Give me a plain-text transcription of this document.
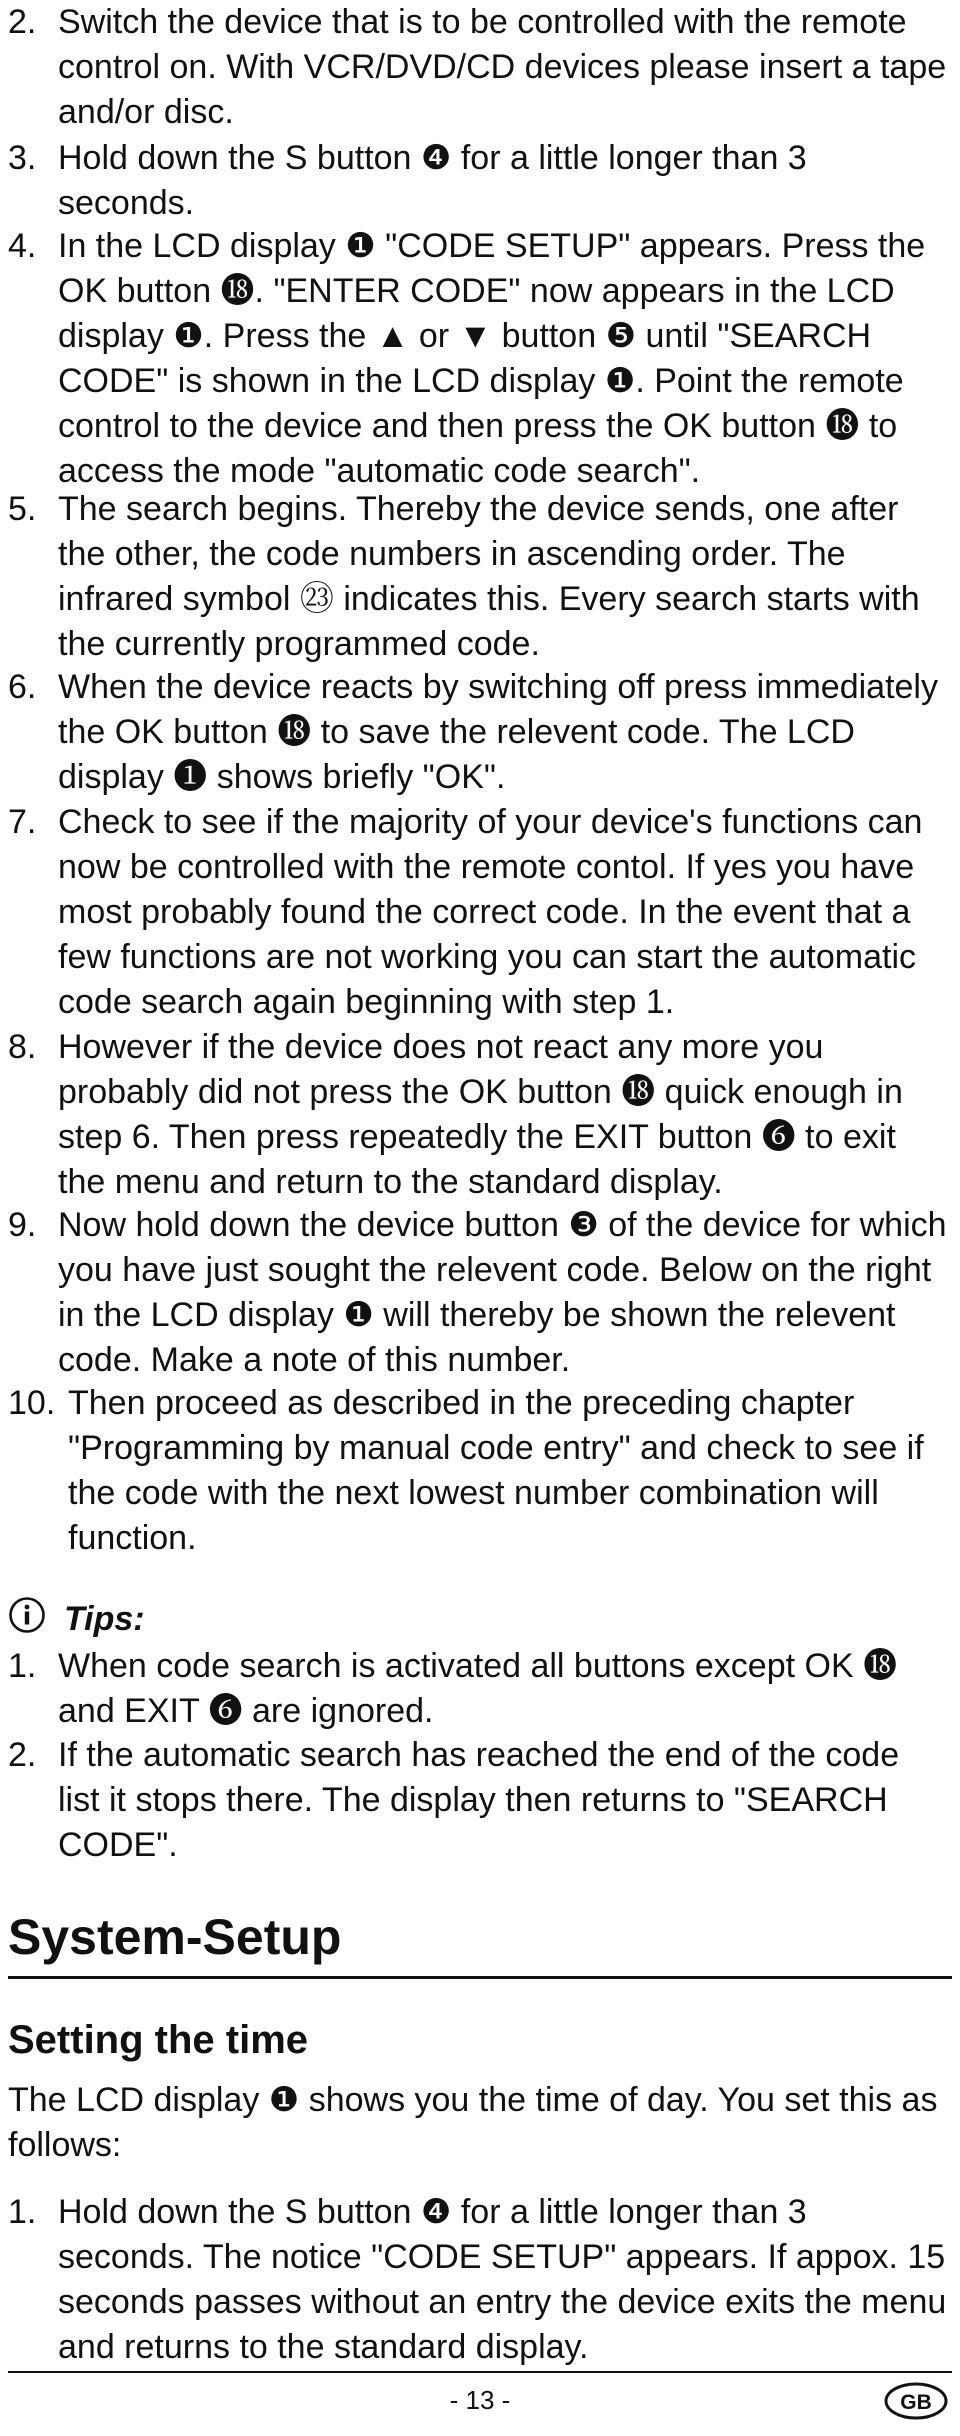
2. Switch the device that is to be controlled with the remote control on. With VCR/DVD/CD devices please insert a tape and/or disc.
3. Hold down the S button ❹ for a little longer than 3 seconds.
4. In the LCD display ❶ "CODE SETUP" appears. Press the OK button ⓲. "ENTER CODE" now appears in the LCD display ❶. Press the ▲ or ▼ button ❺ until "SEARCH CODE" is shown in the LCD display ❶. Point the remote control to the device and then press the OK button ⓲ to access the mode "automatic code search".
5. The search begins. Thereby the device sends, one after the other, the code numbers in ascending order. The infrared symbol ㉓ indicates this. Every search starts with the currently programmed code.
6. When the device reacts by switching off press immediately the OK button ⓲ to save the relevent code. The LCD display ❶ shows briefly "OK".
7. Check to see if the majority of your device's functions can now be controlled with the remote contol. If yes you have most probably found the correct code. In the event that a few functions are not working you can start the automatic code search again beginning with step 1.
8. However if the device does not react any more you probably did not press the OK button ⓲ quick enough in step 6. Then press repeatedly the EXIT button ❻ to exit the menu and return to the standard display.
9. Now hold down the device button ❸ of the device for which you have just sought the relevent code. Below on the right in the LCD display ❶ will thereby be shown the relevent code. Make a note of this number.
10. Then proceed as described in the preceding chapter "Programming by manual code entry" and check to see if the code with the next lowest number combination will function.
Tips:
1. When code search is activated all buttons except OK ⓲ and EXIT ❻ are ignored.
2. If the automatic search has reached the end of the code list it stops there. The display then returns to "SEARCH CODE".
System-Setup
Setting the time
The LCD display ❶ shows you the time of day. You set this as follows:
1. Hold down the S button ❹ for a little longer than 3 seconds. The notice "CODE SETUP" appears. If appox. 15 seconds passes without an entry the device exits the menu and returns to the standard display.
- 13 -	GB
